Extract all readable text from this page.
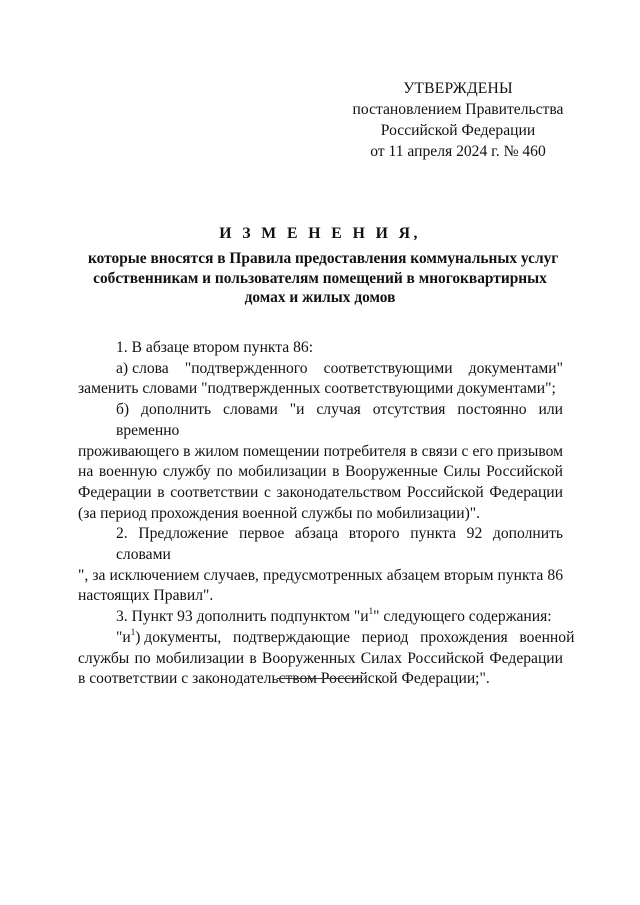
УТВЕРЖДЕНЫ
постановлением Правительства
Российской Федерации
от 11 апреля 2024 г. № 460
И З М Е Н Е Н И Я,
которые вносятся в Правила предоставления коммунальных услуг
собственникам и пользователям помещений в многоквартирных
домах и жилых домов

1. В абзаце втором пункта 86:

а) слова    "подтвержденного    соответствующими    документами"
заменить словами "подтвержденных соответствующими документами";

б) дополнить словами "и случая отсутствия постоянно или временно
проживающего в жилом помещении потребителя в связи с его призывом
на военную службу по мобилизации в Вооруженные Силы Российской
Федерации в соответствии с законодательством Российской Федерации
(за период прохождения военной службы по мобилизации)".

2. Предложение первое абзаца второго пункта 92 дополнить словами
", за исключением случаев, предусмотренных абзацем вторым пункта 86
настоящих Правил".

3. Пункт 93 дополнить подпунктом "$и^1$" следующего содержания:

"$и^1$) документы,   подтверждающие   период   прохождения   военной
службы по мобилизации в Вооруженных Силах Российской Федерации
в соответствии с законодательством Российской Федерации;".
